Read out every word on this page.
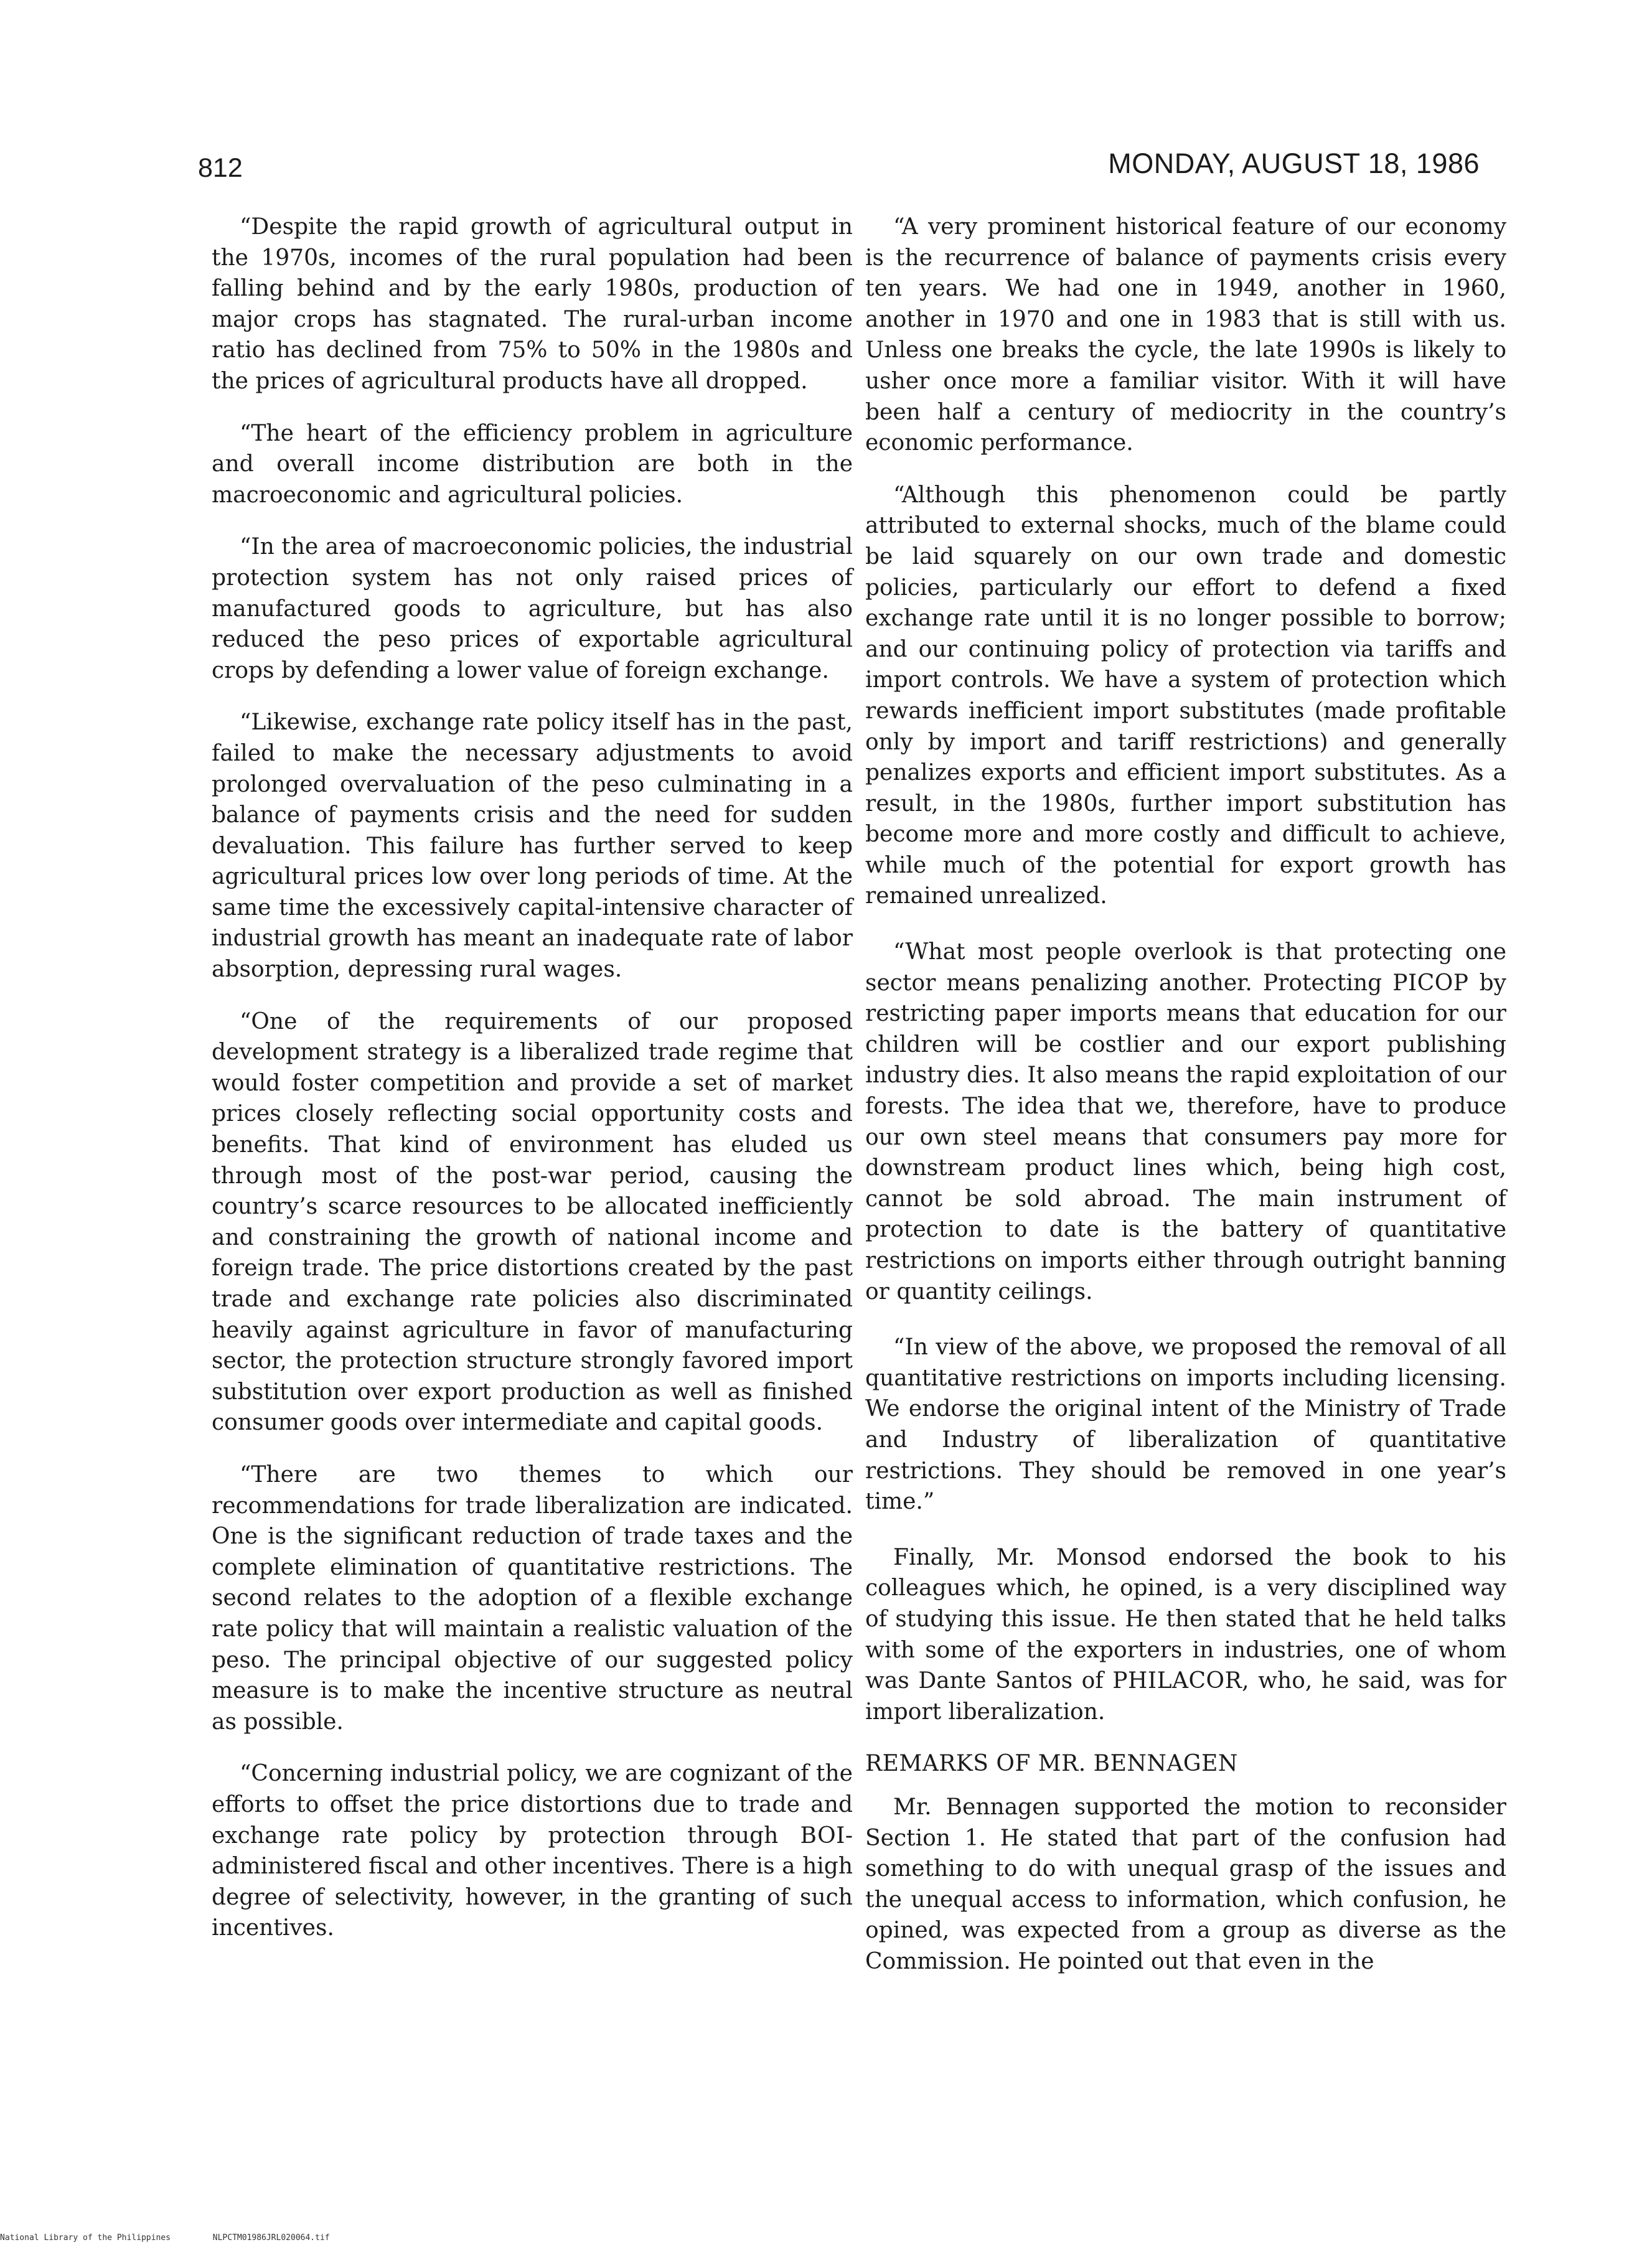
812	MONDAY, AUGUST 18, 1986

“Despite the rapid growth of agricultural output in the 1970s, incomes of the rural population had been falling behind and by the early 1980s, production of major crops has stagnated. The rural-urban income ratio has declined from 75% to 50% in the 1980s and the prices of agricultural products have all dropped.

“The heart of the efficiency problem in agriculture and overall income distribution are both in the macroeconomic and agricultural policies.

“In the area of macroeconomic policies, the industrial protection system has not only raised prices of manufactured goods to agriculture, but has also reduced the peso prices of exportable agricultural crops by defending a lower value of foreign exchange.

“Likewise, exchange rate policy itself has in the past, failed to make the necessary adjustments to avoid prolonged overvaluation of the peso culminating in a balance of payments crisis and the need for sudden devaluation. This failure has further served to keep agricultural prices low over long periods of time. At the same time the excessively capital-intensive character of industrial growth has meant an inadequate rate of labor absorption, depressing rural wages.

“One of the requirements of our proposed development strategy is a liberalized trade regime that would foster competition and provide a set of market prices closely reflecting social opportunity costs and benefits. That kind of environment has eluded us through most of the post-war period, causing the country’s scarce resources to be allocated inefficiently and constraining the growth of national income and foreign trade. The price distortions created by the past trade and exchange rate policies also discriminated heavily against agriculture in favor of manufacturing sector, the protection structure strongly favored import substitution over export production as well as finished consumer goods over intermediate and capital goods.

“There are two themes to which our recommendations for trade liberalization are indicated. One is the significant reduction of trade taxes and the complete elimination of quantitative restrictions. The second relates to the adoption of a flexible exchange rate policy that will maintain a realistic valuation of the peso. The principal objective of our suggested policy measure is to make the incentive structure as neutral as possible.

“Concerning industrial policy, we are cognizant of the efforts to offset the price distortions due to trade and exchange rate policy by protection through BOI-administered fiscal and other incentives. There is a high degree of selectivity, however, in the granting of such incentives.

“A very prominent historical feature of our economy is the recurrence of balance of payments crisis every ten years. We had one in 1949, another in 1960, another in 1970 and one in 1983 that is still with us. Unless one breaks the cycle, the late 1990s is likely to usher once more a familiar visitor. With it will have been half a century of mediocrity in the country’s economic performance.

“Although this phenomenon could be partly attributed to external shocks, much of the blame could be laid squarely on our own trade and domestic policies, particularly our effort to defend a fixed exchange rate until it is no longer possible to borrow; and our continuing policy of protection via tariffs and import controls. We have a system of protection which rewards inefficient import substitutes (made profitable only by import and tariff restrictions) and generally penalizes exports and efficient import substitutes. As a result, in the 1980s, further import substitution has become more and more costly and difficult to achieve, while much of the potential for export growth has remained unrealized.

“What most people overlook is that protecting one sector means penalizing another. Protecting PICOP by restricting paper imports means that education for our children will be costlier and our export publishing industry dies. It also means the rapid exploitation of our forests. The idea that we, therefore, have to produce our own steel means that consumers pay more for downstream product lines which, being high cost, cannot be sold abroad. The main instrument of protection to date is the battery of quantitative restrictions on imports either through outright banning or quantity ceilings.

“In view of the above, we proposed the removal of all quantitative restrictions on imports including licensing. We endorse the original intent of the Ministry of Trade and Industry of liberalization of quantitative restrictions. They should be removed in one year’s time.”

Finally, Mr. Monsod endorsed the book to his colleagues which, he opined, is a very disciplined way of studying this issue. He then stated that he held talks with some of the exporters in industries, one of whom was Dante Santos of PHILACOR, who, he said, was for import liberalization.

REMARKS OF MR. BENNAGEN

Mr. Bennagen supported the motion to reconsider Section 1. He stated that part of the confusion had something to do with unequal grasp of the issues and the unequal access to information, which confusion, he opined, was expected from a group as diverse as the Commission. He pointed out that even in the

National Library of the Philippines	NLPCTM01986JRL020064.tif
